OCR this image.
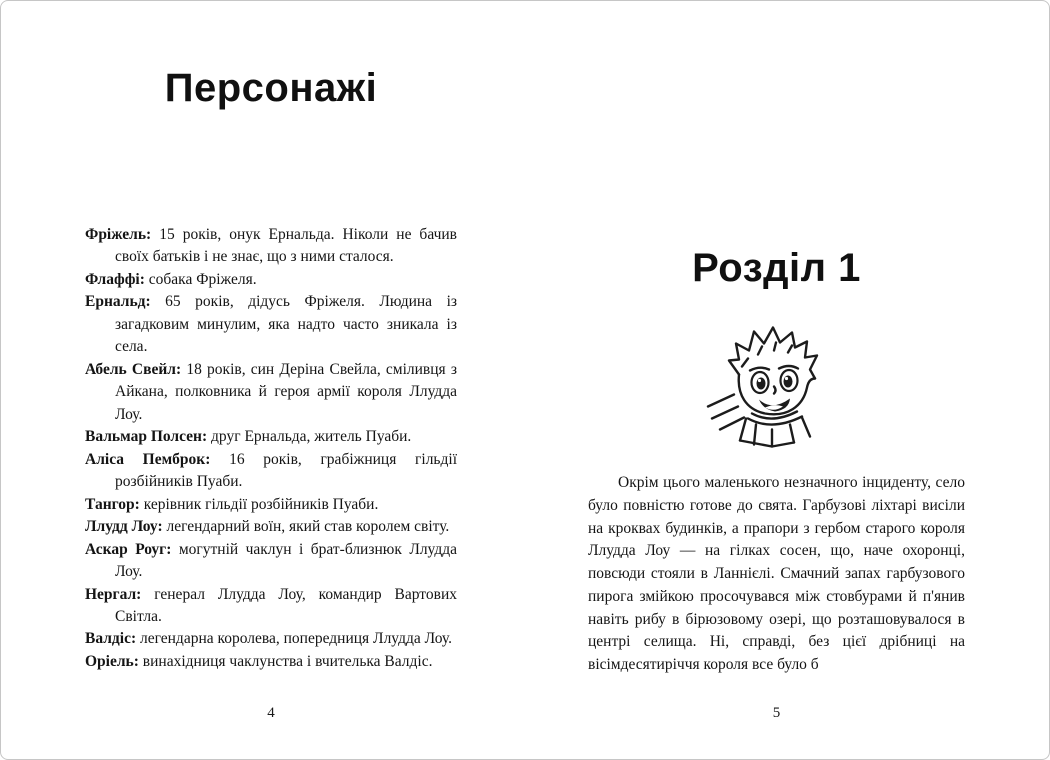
Персонажі

Фріжель: 15 років, онук Ернальда. Ніколи не бачив своїх батьків і не знає, що з ними сталося.

Флаффі: собака Фріжеля.

Ернальд: 65 років, дідусь Фріжеля. Людина із загадковим минулим, яка надто часто зникала із села.

Абель Свейл: 18 років, син Деріна Свейла, сміливця з Айкана, полковника й героя армії короля Ллудда Лоу.

Вальмар Полсен: друг Ернальда, житель Пуаби.

Аліса Пемброк: 16 років, грабіжниця гільдії розбійників Пуаби.

Тангор: керівник гільдії розбійників Пуаби.

Ллудд Лоу: легендарний воїн, який став королем світу.

Аскар Роуг: могутній чаклун і брат-близнюк Ллудда Лоу.

Нергал: генерал Ллудда Лоу, командир Вартових Світла.

Валдіс: легендарна королева, попередниця Ллудда Лоу.

Оріель: винахідниця чаклунства і вчителька Валдіс.

4
Розділ 1

Окрім цього маленького незначного інциденту, село було повністю готове до свята. Гарбузові ліхтарі висіли на кроквах будинків, а прапори з гербом старого короля Ллудда Лоу — на гілках сосен, що, наче охоронці, повсюди стояли в Ланнієлі. Смачний запах гарбузового пирога змійкою просочувався між стовбурами й п'янив навіть рибу в бірюзовому озері, що розташовувалося в центрі селища. Ні, справді, без цієї дрібниці на вісімдесятиріччя короля все було б

5
